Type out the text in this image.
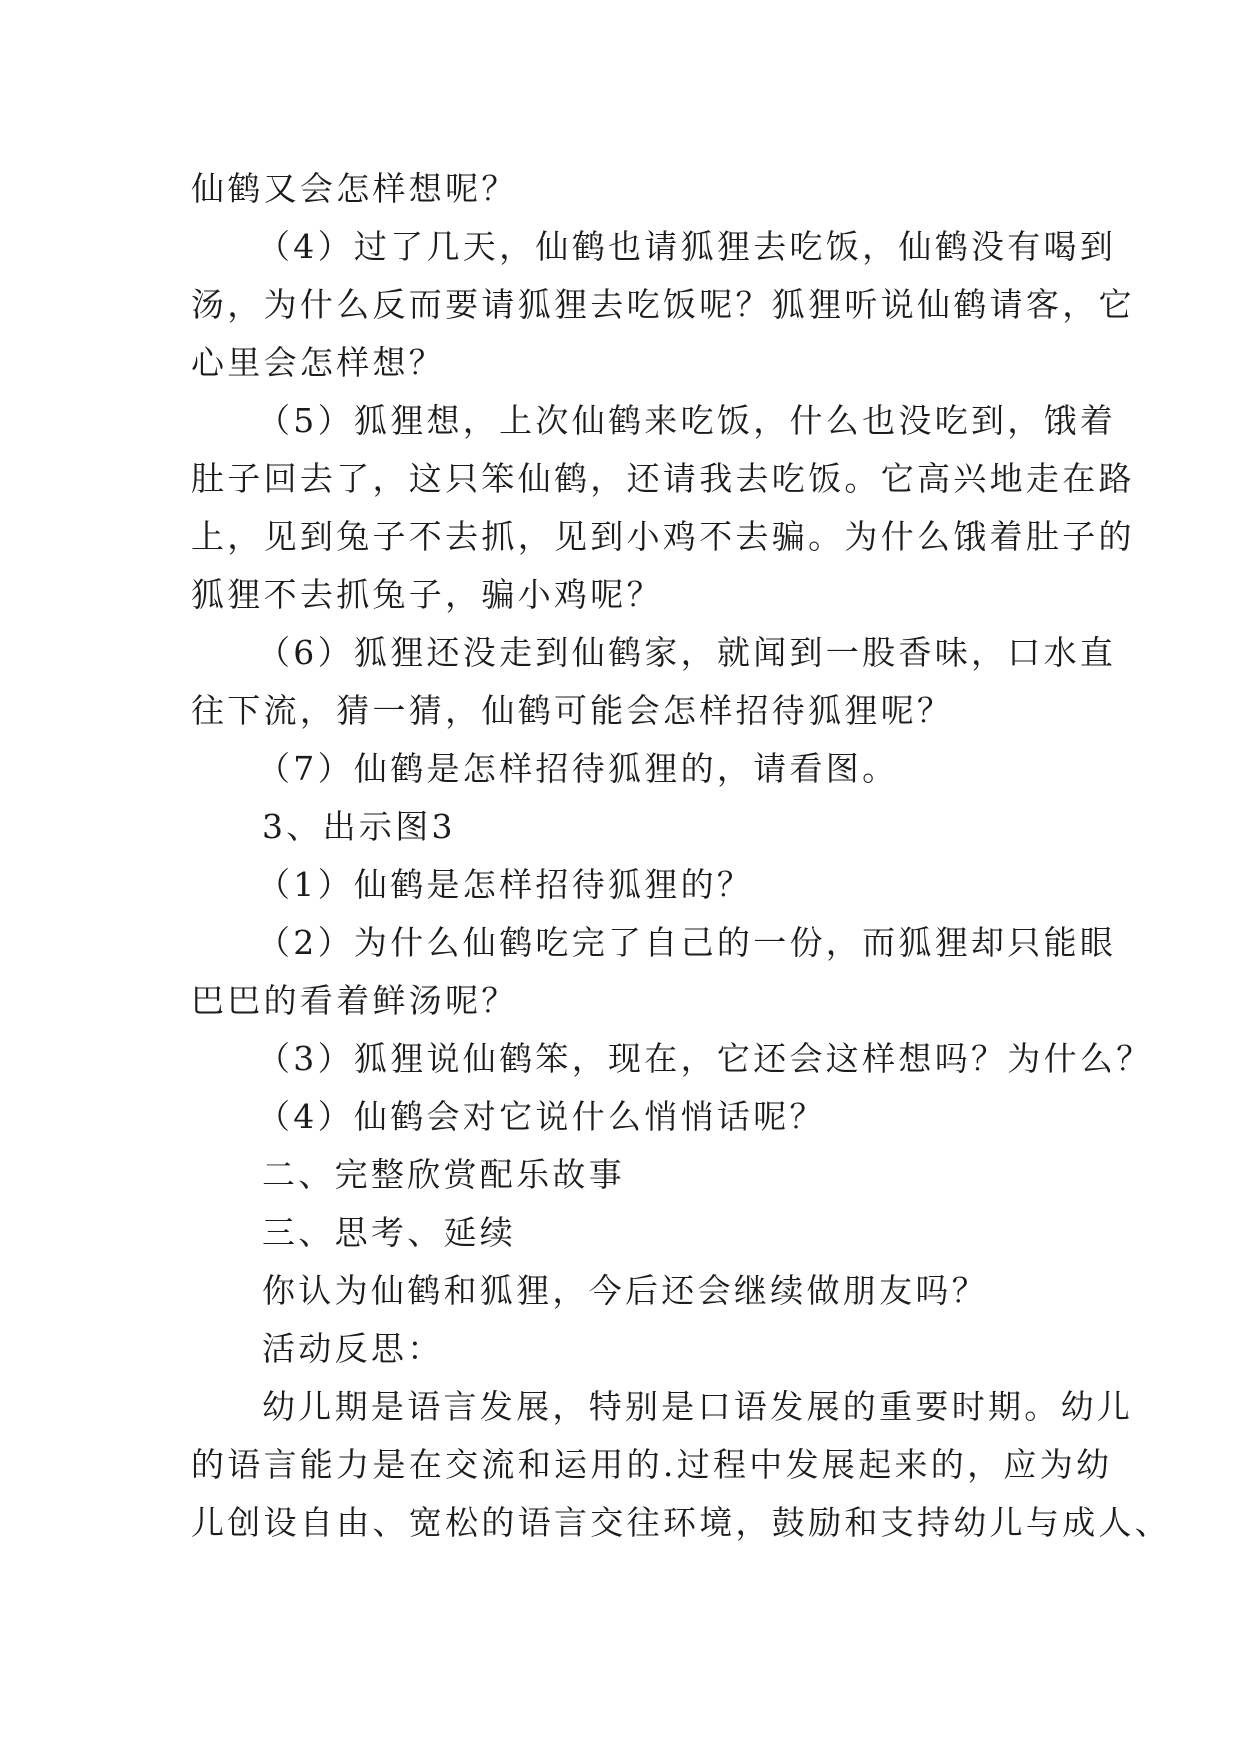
仙鹤又会怎样想呢？
（4）过了几天，仙鹤也请狐狸去吃饭，仙鹤没有喝到
汤，为什么反而要请狐狸去吃饭呢？狐狸听说仙鹤请客，它
心里会怎样想？
（5）狐狸想，上次仙鹤来吃饭，什么也没吃到，饿着
肚子回去了，这只笨仙鹤，还请我去吃饭。它高兴地走在路
上，见到兔子不去抓，见到小鸡不去骗。为什么饿着肚子的
狐狸不去抓兔子，骗小鸡呢？
（6）狐狸还没走到仙鹤家，就闻到一股香味，口水直
往下流，猜一猜，仙鹤可能会怎样招待狐狸呢？
（7）仙鹤是怎样招待狐狸的，请看图。
3、出示图3
（1）仙鹤是怎样招待狐狸的？
（2）为什么仙鹤吃完了自己的一份，而狐狸却只能眼
巴巴的看着鲜汤呢？
（3）狐狸说仙鹤笨，现在，它还会这样想吗？为什么？
（4）仙鹤会对它说什么悄悄话呢？
二、完整欣赏配乐故事
三、思考、延续
你认为仙鹤和狐狸，今后还会继续做朋友吗？
活动反思：
幼儿期是语言发展，特别是口语发展的重要时期。幼儿
的语言能力是在交流和运用的.过程中发展起来的，应为幼
儿创设自由、宽松的语言交往环境，鼓励和支持幼儿与成人、
